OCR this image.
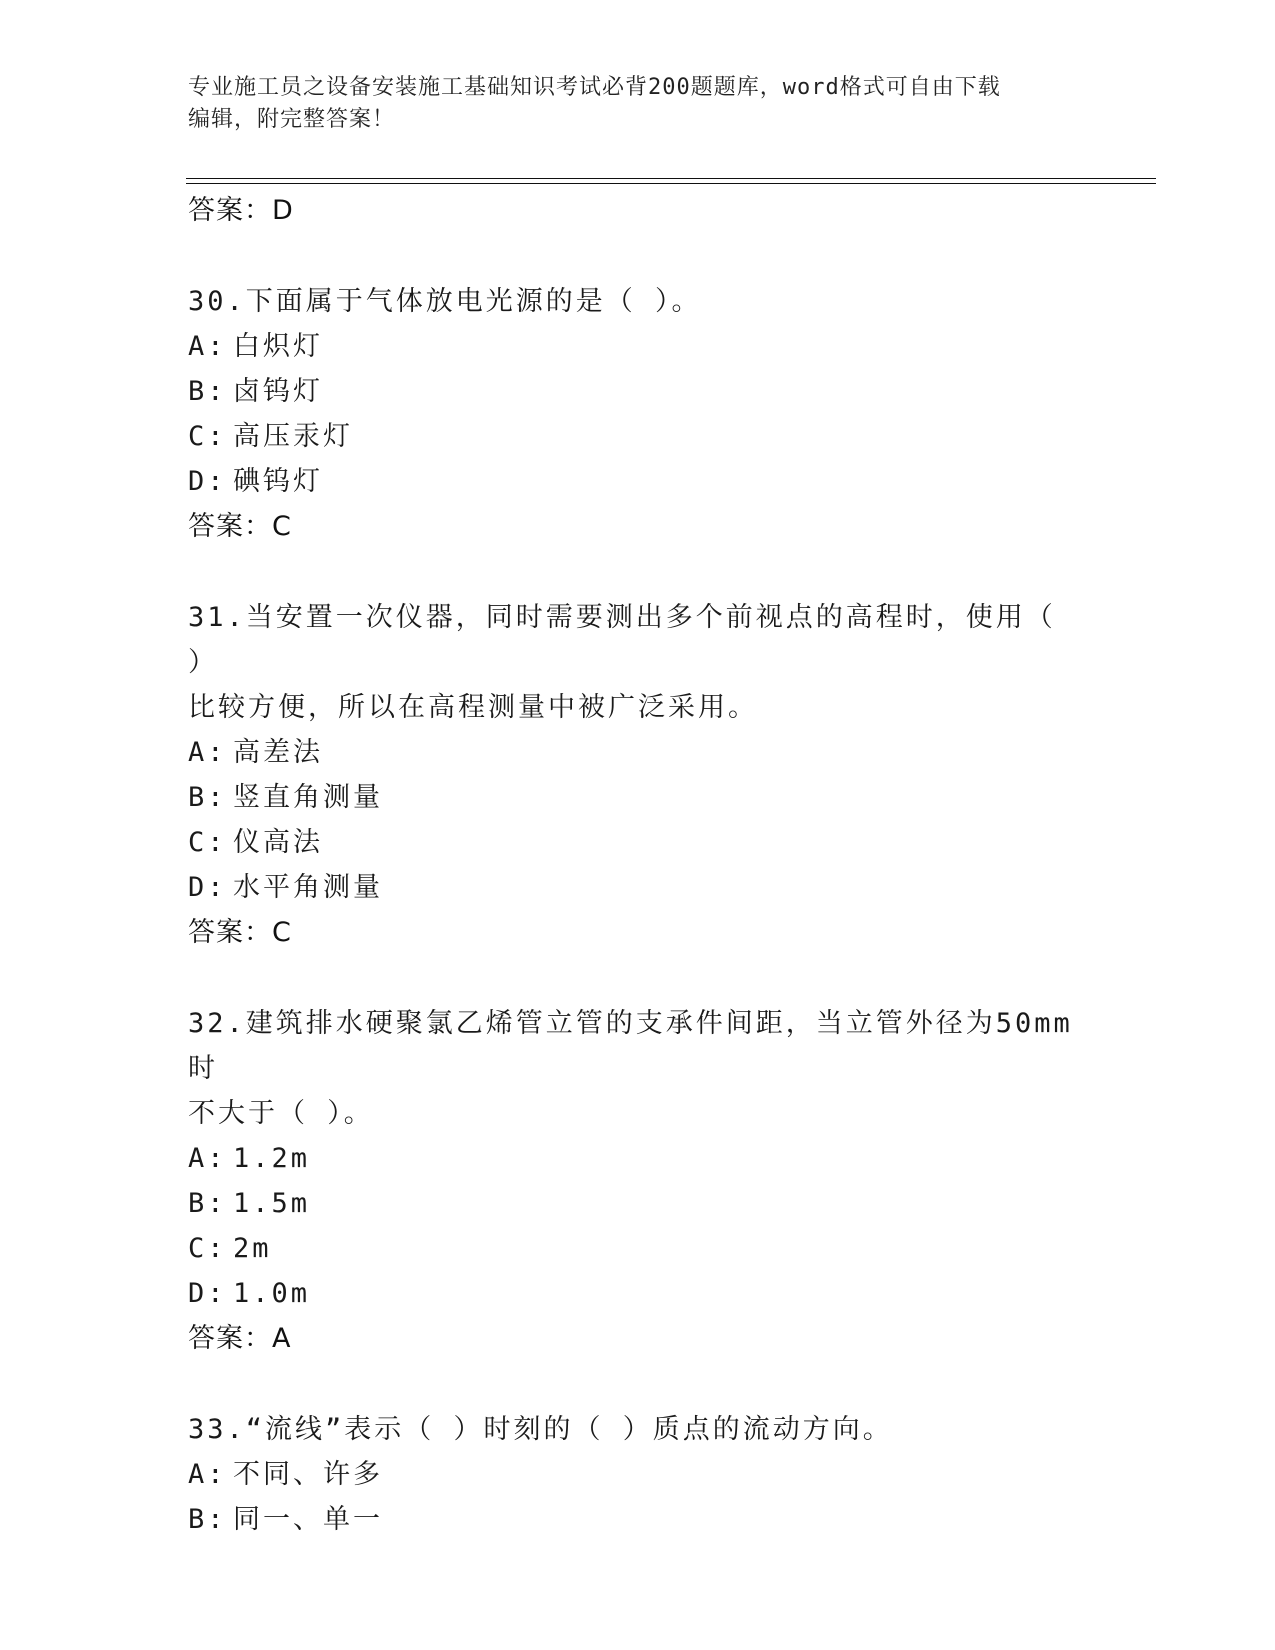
专业施工员之设备安装施工基础知识考试必背200题题库，word格式可自由下载
编辑，附完整答案！
答案：D
30.下面属于气体放电光源的是（ ）。
A: 白炽灯
B: 卤钨灯
C: 高压汞灯
D: 碘钨灯
答案：C
31.当安置一次仪器，同时需要测出多个前视点的高程时，使用（ ）
比较方便，所以在高程测量中被广泛采用。
A: 高差法
B: 竖直角测量
C: 仪高法
D: 水平角测量
答案：C
32.建筑排水硬聚氯乙烯管立管的支承件间距，当立管外径为50mm时
不大于（ ）。
A: 1.2m
B: 1.5m
C: 2m
D: 1.0m
答案：A
33.“流线”表示（ ）时刻的（ ）质点的流动方向。
A: 不同、许多
B: 同一、单一
